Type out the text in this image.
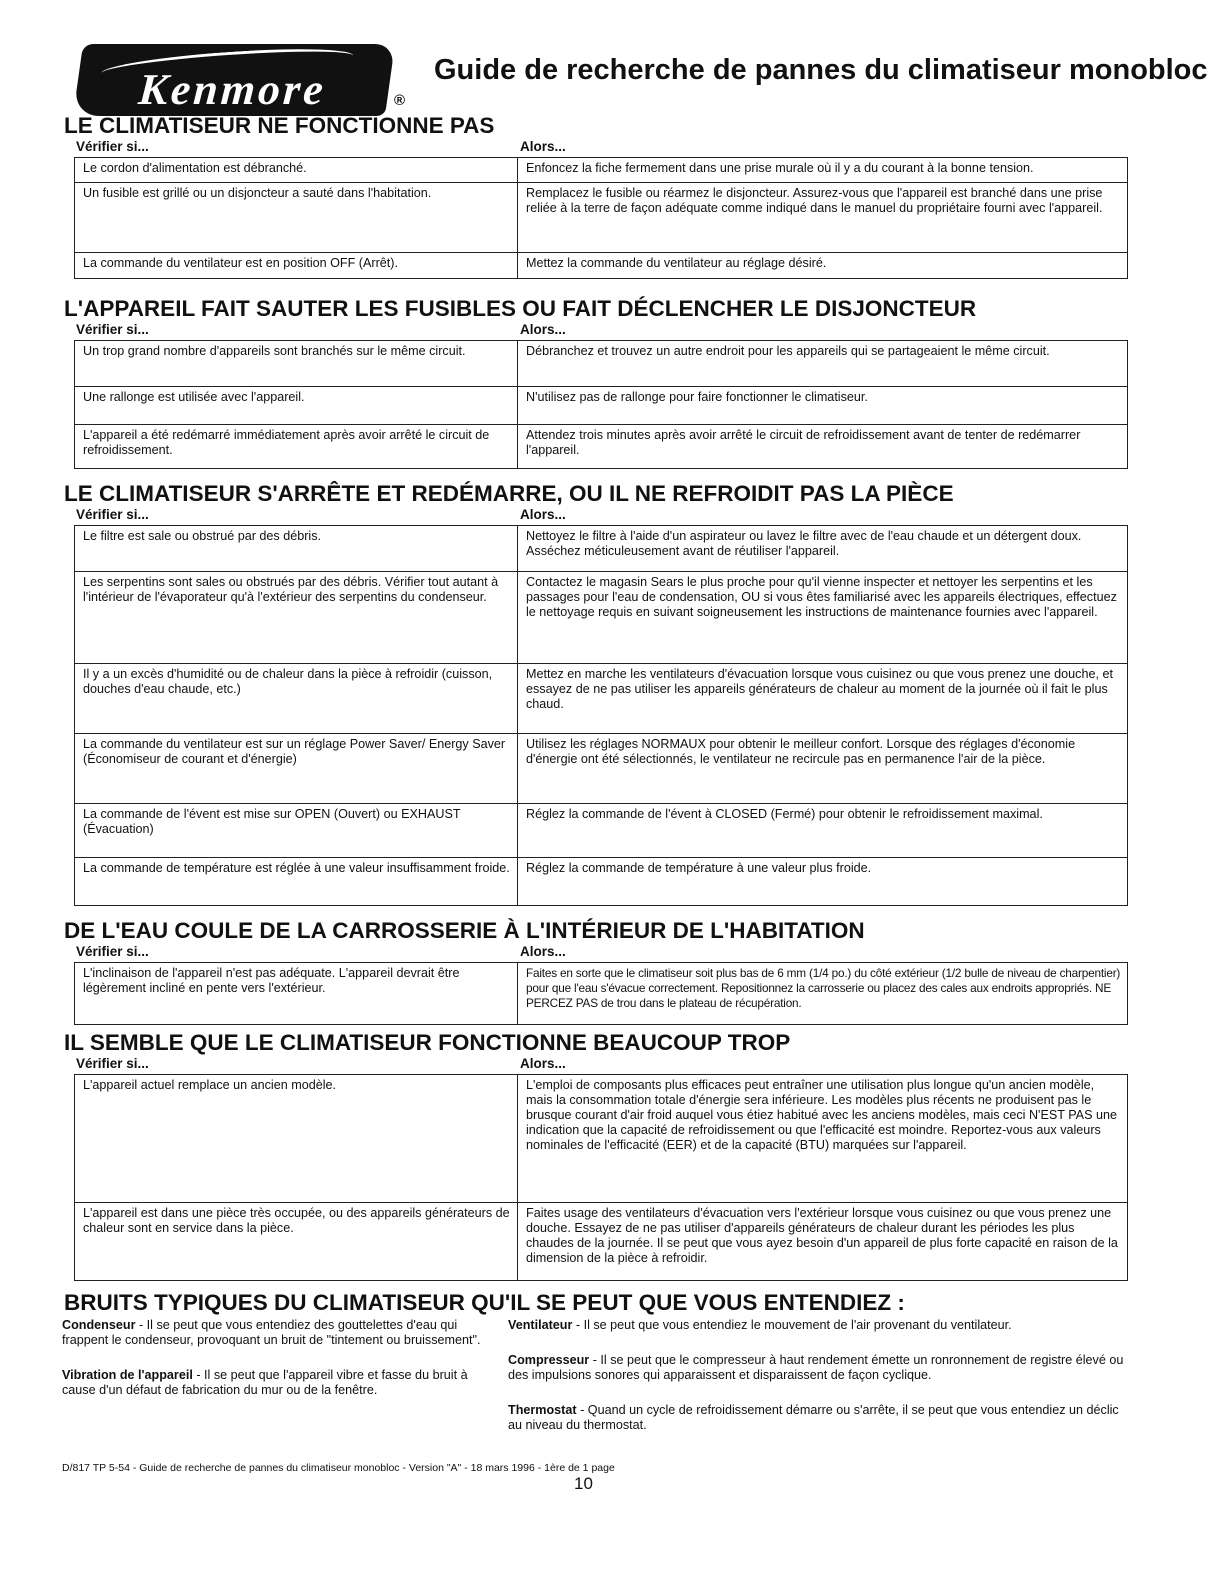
Kenmore	®
Guide de recherche de pannes du climatiseur monobloc
LE CLIMATISEUR NE FONCTIONNE PAS
Vérifier si...	Alors...
Le cordon d'alimentation est débranché.	Enfoncez la fiche fermement dans une prise murale où il y a du courant à la bonne tension.
Un fusible est grillé ou un disjoncteur a sauté dans l'habitation.	Remplacez le fusible ou réarmez le disjoncteur. Assurez-vous que l'appareil est branché dans une prise reliée à la terre de façon adéquate comme indiqué dans le manuel du propriétaire fourni avec l'appareil.
La commande du ventilateur est en position OFF (Arrêt).	Mettez la commande du ventilateur au réglage désiré.
L'APPAREIL FAIT SAUTER LES FUSIBLES OU FAIT DÉCLENCHER LE DISJONCTEUR
Vérifier si...	Alors...
Un trop grand nombre d'appareils sont branchés sur le même circuit.	Débranchez et trouvez un autre endroit pour les appareils qui se partageaient le même circuit.
Une rallonge est utilisée avec l'appareil.	N'utilisez pas de rallonge pour faire fonctionner le climatiseur.
L'appareil a été redémarré immédiatement après avoir arrêté le circuit de refroidissement.	Attendez trois minutes après avoir arrêté le circuit de refroidissement avant de tenter de redémarrer l'appareil.
LE CLIMATISEUR S'ARRÊTE ET REDÉMARRE, OU IL NE REFROIDIT PAS LA PIÈCE
Vérifier si...	Alors...
Le filtre est sale ou obstrué par des débris.	Nettoyez le filtre à l'aide d'un aspirateur ou lavez le filtre avec de l'eau chaude et un détergent doux. Asséchez méticuleusement avant de réutiliser l'appareil.
Les serpentins sont sales ou obstrués par des débris. Vérifier tout autant à l'intérieur de l'évaporateur qu'à l'extérieur des serpentins du condenseur.	Contactez le magasin Sears le plus proche pour qu'il vienne inspecter et nettoyer les serpentins et les passages pour l'eau de condensation, OU si vous êtes familiarisé avec les appareils électriques, effectuez le nettoyage requis en suivant soigneusement les instructions de maintenance fournies avec l'appareil.
Il y a un excès d'humidité ou de chaleur dans la pièce à refroidir (cuisson, douches d'eau chaude, etc.)	Mettez en marche les ventilateurs d'évacuation lorsque vous cuisinez ou que vous prenez une douche, et essayez de ne pas utiliser les appareils générateurs de chaleur au moment de la journée où il fait le plus chaud.
La commande du ventilateur est sur un réglage Power Saver/ Energy Saver (Économiseur de courant et d'énergie)	Utilisez les réglages NORMAUX pour obtenir le meilleur confort. Lorsque des réglages d'économie d'énergie ont été sélectionnés, le ventilateur ne recircule pas en permanence l'air de la pièce.
La commande de l'évent est mise sur OPEN (Ouvert) ou EXHAUST (Évacuation)	Réglez la commande de l'évent à CLOSED (Fermé) pour obtenir le refroidissement maximal.
La commande de température est réglée à une valeur insuffisamment froide.	Réglez la commande de température à une valeur plus froide.
DE L'EAU COULE DE LA CARROSSERIE À L'INTÉRIEUR DE L'HABITATION
Vérifier si...	Alors...
L'inclinaison de l'appareil n'est pas adéquate. L'appareil devrait être légèrement incliné en pente vers l'extérieur.	Faites en sorte que le climatiseur soit plus bas de 6 mm (1/4 po.) du côté extérieur (1/2 bulle de niveau de charpentier) pour que l'eau s'évacue correctement. Repositionnez la carrosserie ou placez des cales aux endroits appropriés. NE PERCEZ PAS de trou dans le plateau de récupération.
IL SEMBLE QUE LE CLIMATISEUR FONCTIONNE BEAUCOUP TROP
Vérifier si...	Alors...
L'appareil actuel remplace un ancien modèle.	L'emploi de composants plus efficaces peut entraîner une utilisation plus longue qu'un ancien modèle, mais la consommation totale d'énergie sera inférieure. Les modèles plus récents ne produisent pas le brusque courant d'air froid auquel vous étiez habitué avec les anciens modèles, mais ceci N'EST PAS une indication que la capacité de refroidissement ou que l'efficacité est moindre. Reportez-vous aux valeurs nominales de l'efficacité (EER) et de la capacité (BTU) marquées sur l'appareil.
L'appareil est dans une pièce très occupée, ou des appareils générateurs de chaleur sont en service dans la pièce.	Faites usage des ventilateurs d'évacuation vers l'extérieur lorsque vous cuisinez ou que vous prenez une douche. Essayez de ne pas utiliser d'appareils générateurs de chaleur durant les périodes les plus chaudes de la journée. Il se peut que vous ayez besoin d'un appareil de plus forte capacité en raison de la dimension de la pièce à refroidir.
BRUITS TYPIQUES DU CLIMATISEUR QU'IL SE PEUT QUE VOUS ENTENDIEZ :
Condenseur - Il se peut que vous entendiez des gouttelettes d'eau qui frappent le condenseur, provoquant un bruit de "tintement ou bruissement".
Vibration de l'appareil - Il se peut que l'appareil vibre et fasse du bruit à cause d'un défaut de fabrication du mur ou de la fenêtre.
Ventilateur - Il se peut que vous entendiez le mouvement de l'air provenant du ventilateur.
Compresseur - Il se peut que le compresseur à haut rendement émette un ronronnement de registre élevé ou des impulsions sonores qui apparaissent et disparaissent de façon cyclique.
Thermostat - Quand un cycle de refroidissement démarre ou s'arrête, il se peut que vous entendiez un déclic au niveau du thermostat.
D/817 TP 5-54 - Guide de recherche de pannes du climatiseur monobloc - Version "A" - 18 mars 1996 - 1ère de 1 page
10
